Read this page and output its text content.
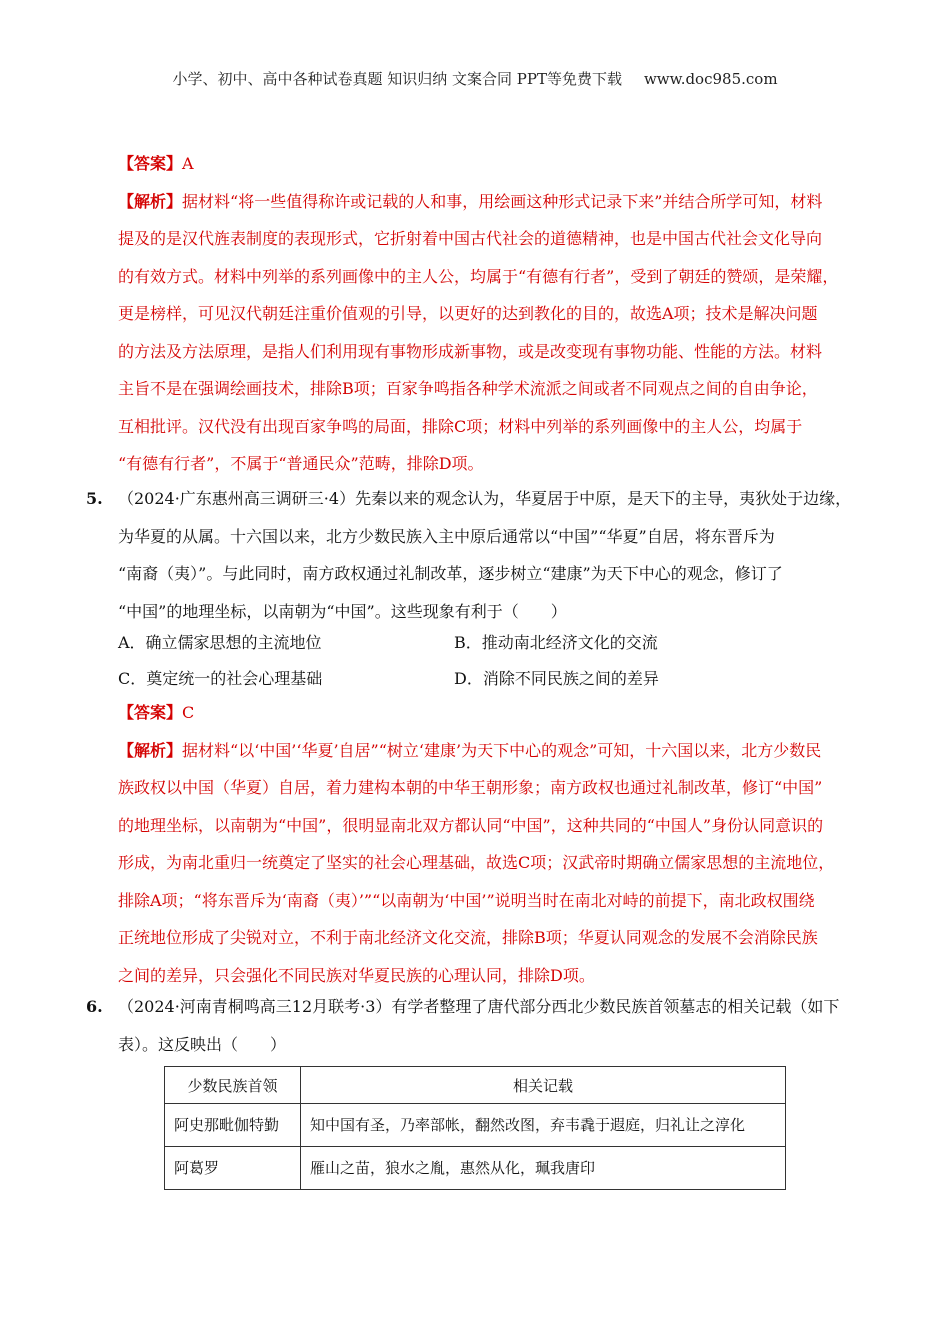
小学、初中、高中各种试卷真题 知识归纳 文案合同 PPT等免费下载 www.doc985.com
【答案】A
【解析】据材料“将一些值得称许或记载的人和事，用绘画这种形式记录下来”并结合所学可知，材料
提及的是汉代旌表制度的表现形式，它折射着中国古代社会的道德精神，也是中国古代社会文化导向
的有效方式。材料中列举的系列画像中的主人公，均属于“有德有行者”，受到了朝廷的赞颂，是荣耀，
更是榜样，可见汉代朝廷注重价值观的引导，以更好的达到教化的目的，故选A项；技术是解决问题
的方法及方法原理，是指人们利用现有事物形成新事物，或是改变现有事物功能、性能的方法。材料
主旨不是在强调绘画技术，排除B项；百家争鸣指各种学术流派之间或者不同观点之间的自由争论，
互相批评。汉代没有出现百家争鸣的局面，排除C项；材料中列举的系列画像中的主人公，均属于
“有德有行者”，不属于“普通民众”范畴，排除D项。
5. （2024·广东惠州高三调研三·4）先秦以来的观念认为，华夏居于中原，是天下的主导，夷狄处于边缘，
为华夏的从属。十六国以来，北方少数民族入主中原后通常以“中国”“华夏”自居，将东晋斥为
“南裔（夷）”。与此同时，南方政权通过礼制改革，逐步树立“建康”为天下中心的观念，修订了
“中国”的地理坐标，以南朝为“中国”。这些现象有利于（　　）
A．确立儒家思想的主流地位	B．推动南北经济文化的交流
C．奠定统一的社会心理基础	D．消除不同民族之间的差异
【答案】C
【解析】据材料“以‘中国’‘华夏’自居”“树立‘建康’为天下中心的观念”可知，十六国以来，北方少数民
族政权以中国（华夏）自居，着力建构本朝的中华王朝形象；南方政权也通过礼制改革，修订“中国”
的地理坐标，以南朝为“中国”，很明显南北双方都认同“中国”，这种共同的“中国人”身份认同意识的
形成，为南北重归一统奠定了坚实的社会心理基础，故选C项；汉武帝时期确立儒家思想的主流地位，
排除A项；“将东晋斥为‘南裔（夷）’”“以南朝为‘中国’”说明当时在南北对峙的前提下，南北政权围绕
正统地位形成了尖锐对立，不利于南北经济文化交流，排除B项；华夏认同观念的发展不会消除民族
之间的差异，只会强化不同民族对华夏民族的心理认同，排除D项。
6. （2024·河南青桐鸣高三12月联考·3）有学者整理了唐代部分西北少数民族首领墓志的相关记载（如下
表）。这反映出（　　）
少数民族首领	相关记载
阿史那毗伽特勤	知中国有圣，乃率部帐，翻然改图，弃韦毳于遐庭，归礼让之淳化
阿葛罗	雁山之苗，狼水之胤，惠然从化，珮我唐印
